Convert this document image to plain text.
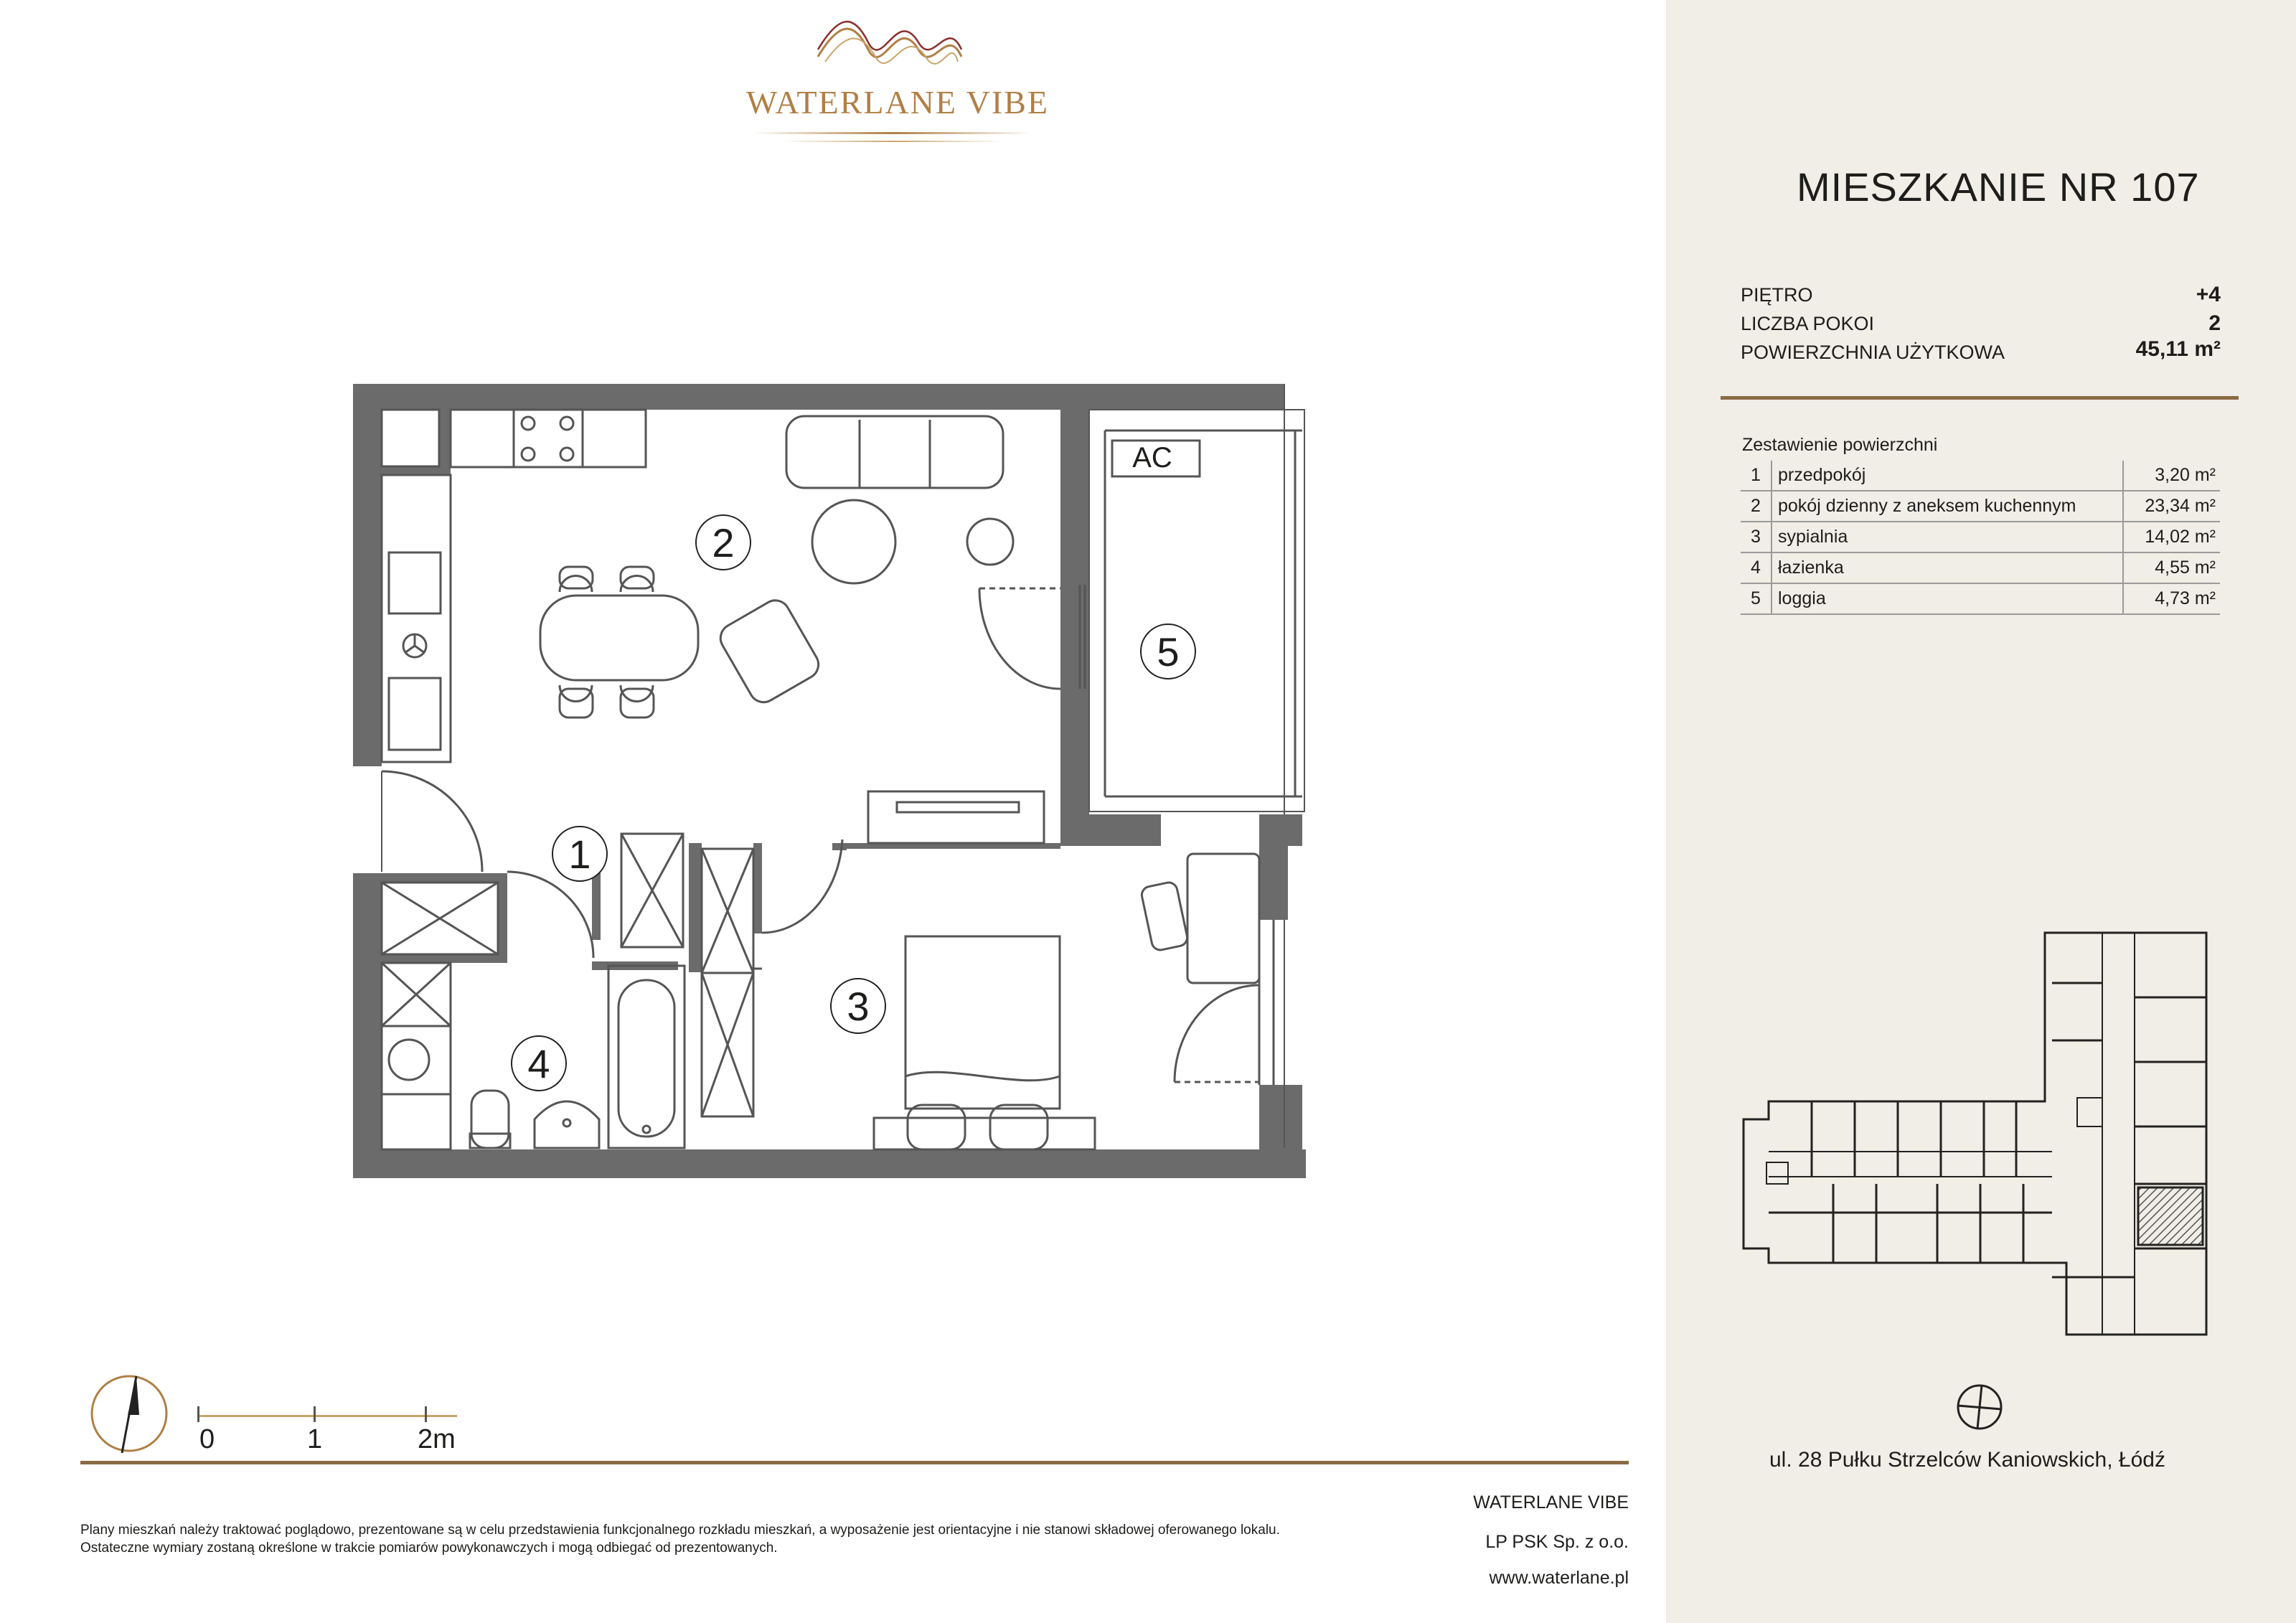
WATERLANE VIBE
2
5
1
3
4
AC
0	1	2m
Plany mieszkań należy traktować poglądowo, prezentowane są w celu przedstawienia funkcjonalnego rozkładu mieszkań, a wyposażenie jest orientacyjne i nie stanowi składowej oferowanego lokalu.
Ostateczne wymiary zostaną określone w trakcie pomiarów powykonawczych i mogą odbiegać od prezentowanych.
WATERLANE VIBE
LP PSK Sp. z o.o.
www.waterlane.pl
MIESZKANIE NR 107
PIĘTRO	+4
LICZBA POKOI	2
POWIERZCHNIA UŻYTKOWA	45,11 m²
Zestawienie powierzchni
1	przedpokój	3,20 m²
2	pokój dzienny z aneksem kuchennym	23,34 m²
3	sypialnia	14,02 m²
4	łazienka	4,55 m²
5	loggia	4,73 m²
ul. 28 Pułku Strzelców Kaniowskich, Łódź
